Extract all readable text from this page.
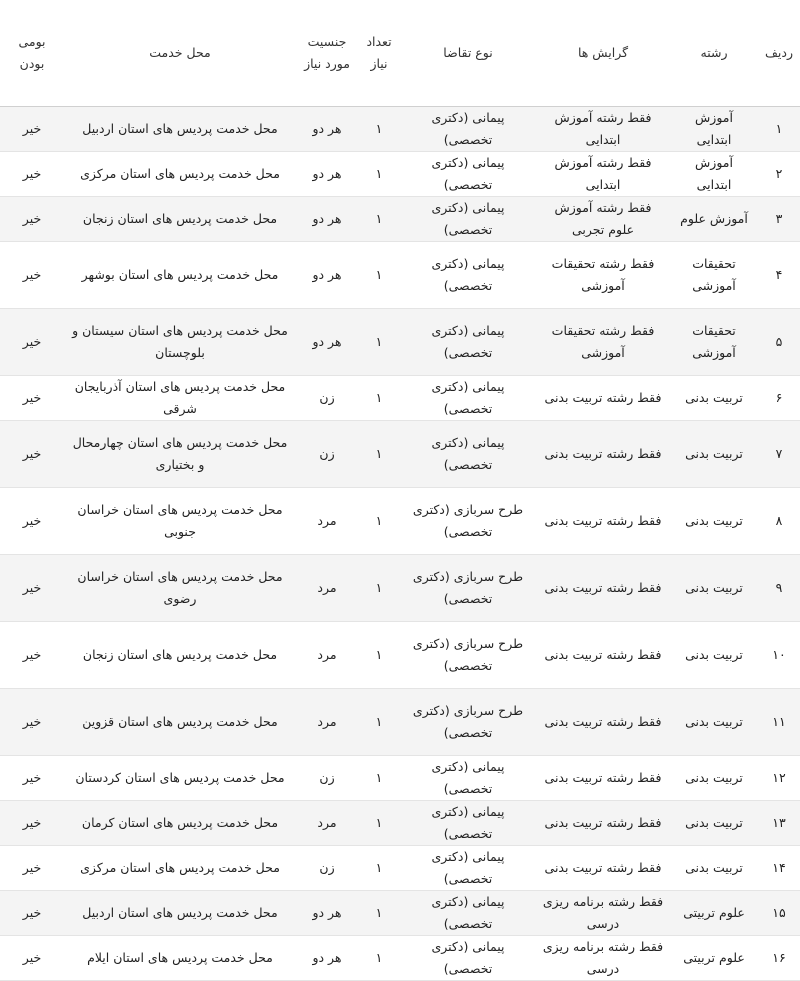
ردیف	رشته	گرایش ها	نوع تقاضا	تعداد نیاز	جنسیت مورد نیاز	محل خدمت	بومی بودن
۱	آموزش ابتدایی	فقط رشته آموزش ابتدایی	پیمانی (دکتری تخصصی)	۱	هر دو	محل خدمت پردیس های استان اردبیل	خیر
۲	آموزش ابتدایی	فقط رشته آموزش ابتدایی	پیمانی (دکتری تخصصی)	۱	هر دو	محل خدمت پردیس های استان مرکزی	خیر
۳	آموزش علوم	فقط رشته آموزش علوم تجربی	پیمانی (دکتری تخصصی)	۱	هر دو	محل خدمت پردیس های استان زنجان	خیر
۴	تحقیقات آموزشی	فقط رشته تحقیقات آموزشی	پیمانی (دکتری تخصصی)	۱	هر دو	محل خدمت پردیس های استان بوشهر	خیر
۵	تحقیقات آموزشی	فقط رشته تحقیقات آموزشی	پیمانی (دکتری تخصصی)	۱	هر دو	محل خدمت پردیس های استان سیستان و بلوچستان	خیر
۶	تربیت بدنی	فقط رشته تربیت بدنی	پیمانی (دکتری تخصصی)	۱	زن	محل خدمت پردیس های استان آذربایجان شرقی	خیر
۷	تربیت بدنی	فقط رشته تربیت بدنی	پیمانی (دکتری تخصصی)	۱	زن	محل خدمت پردیس های استان چهارمحال و بختیاری	خیر
۸	تربیت بدنی	فقط رشته تربیت بدنی	طرح سربازی (دکتری تخصصی)	۱	مرد	محل خدمت پردیس های استان خراسان جنوبی	خیر
۹	تربیت بدنی	فقط رشته تربیت بدنی	طرح سربازی (دکتری تخصصی)	۱	مرد	محل خدمت پردیس های استان خراسان رضوی	خیر
۱۰	تربیت بدنی	فقط رشته تربیت بدنی	طرح سربازی (دکتری تخصصی)	۱	مرد	محل خدمت پردیس های استان زنجان	خیر
۱۱	تربیت بدنی	فقط رشته تربیت بدنی	طرح سربازی (دکتری تخصصی)	۱	مرد	محل خدمت پردیس های استان قزوین	خیر
۱۲	تربیت بدنی	فقط رشته تربیت بدنی	پیمانی (دکتری تخصصی)	۱	زن	محل خدمت پردیس های استان کردستان	خیر
۱۳	تربیت بدنی	فقط رشته تربیت بدنی	پیمانی (دکتری تخصصی)	۱	مرد	محل خدمت پردیس های استان کرمان	خیر
۱۴	تربیت بدنی	فقط رشته تربیت بدنی	پیمانی (دکتری تخصصی)	۱	زن	محل خدمت پردیس های استان مرکزی	خیر
۱۵	علوم تربیتی	فقط رشته برنامه ریزی درسی	پیمانی (دکتری تخصصی)	۱	هر دو	محل خدمت پردیس های استان اردبیل	خیر
۱۶	علوم تربیتی	فقط رشته برنامه ریزی درسی	پیمانی (دکتری تخصصی)	۱	هر دو	محل خدمت پردیس های استان ایلام	خیر
